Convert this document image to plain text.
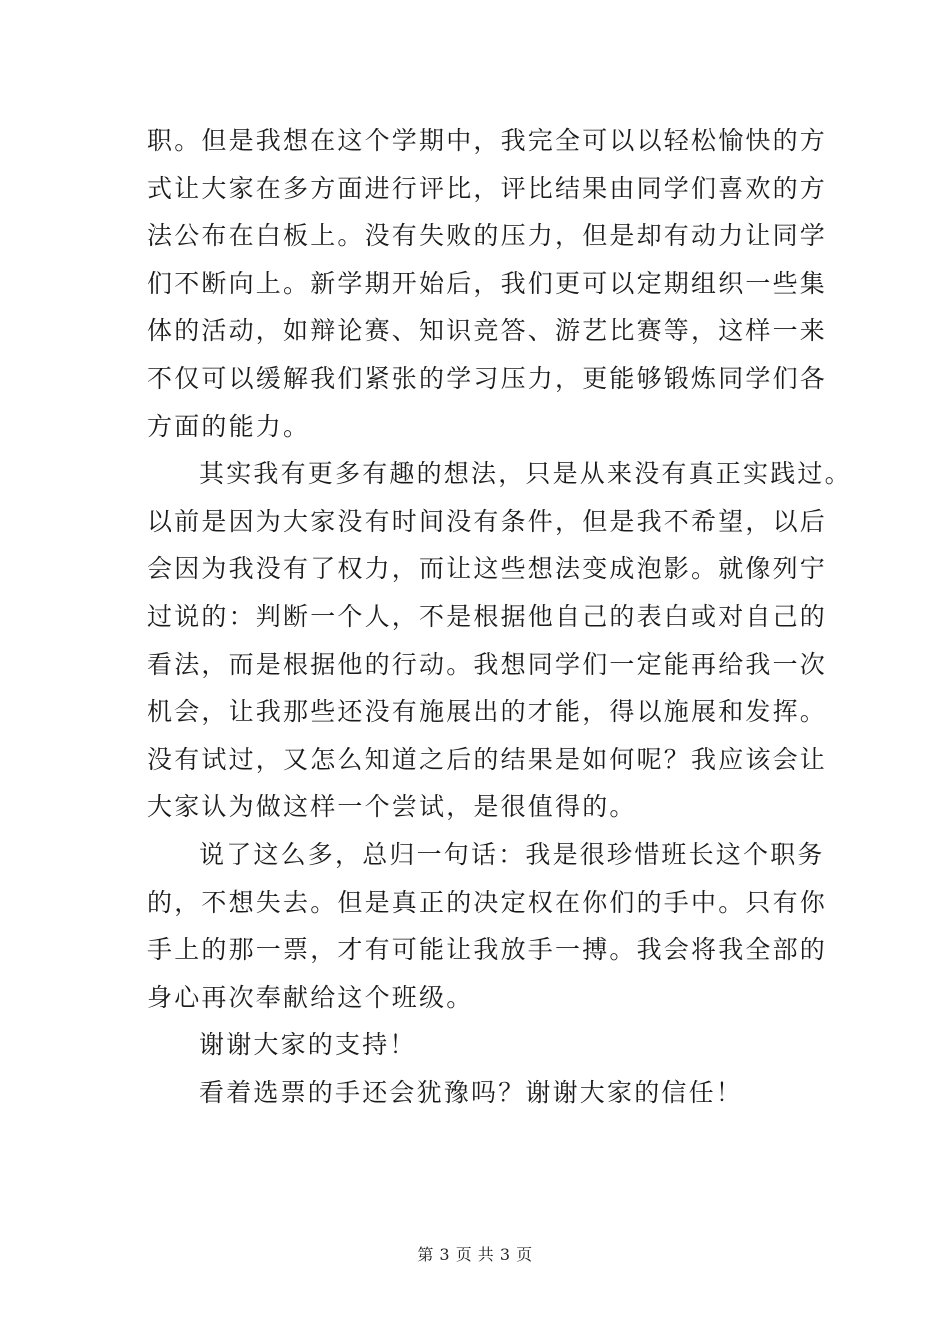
职。但是我想在这个学期中，我完全可以以轻松愉快的方
式让大家在多方面进行评比，评比结果由同学们喜欢的方
法公布在白板上。没有失败的压力，但是却有动力让同学
们不断向上。新学期开始后，我们更可以定期组织一些集
体的活动，如辩论赛、知识竞答、游艺比赛等，这样一来
不仅可以缓解我们紧张的学习压力，更能够锻炼同学们各
方面的能力。
其实我有更多有趣的想法，只是从来没有真正实践过。
以前是因为大家没有时间没有条件，但是我不希望，以后
会因为我没有了权力，而让这些想法变成泡影。就像列宁
过说的：判断一个人，不是根据他自己的表白或对自己的
看法，而是根据他的行动。我想同学们一定能再给我一次
机会，让我那些还没有施展出的才能，得以施展和发挥。
没有试过，又怎么知道之后的结果是如何呢？我应该会让
大家认为做这样一个尝试，是很值得的。
说了这么多，总归一句话：我是很珍惜班长这个职务
的，不想失去。但是真正的决定权在你们的手中。只有你
手上的那一票，才有可能让我放手一搏。我会将我全部的
身心再次奉献给这个班级。
谢谢大家的支持！
看着选票的手还会犹豫吗？谢谢大家的信任！
第 3 页 共 3 页
